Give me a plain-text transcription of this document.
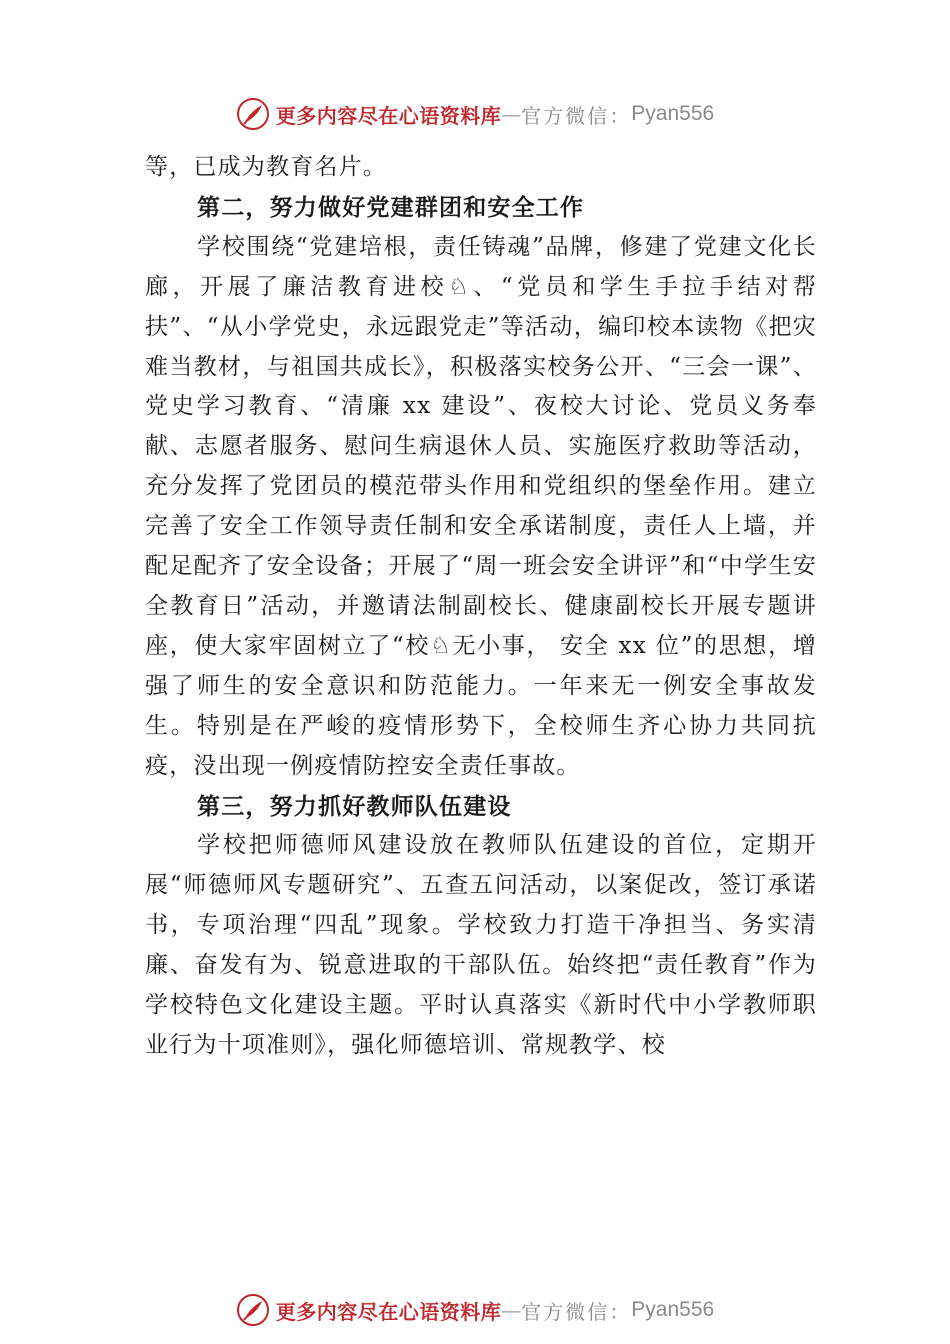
更多内容尽在心语资料库 — 官方微信： Pyan556

等，已成为教育名片。

第二，努力做好党建群团和安全工作

学校围绕“党建培根，责任铸魂”品牌，修建了党建文化长廊，开展了廉洁教育进校⁠♘、“党员和学生手拉手结对帮扶”、“从小学党史，永远跟党走”等活动，编印校本读物《把灾难当教材，与祖国共成长》，积极落实校务公开、“三会一课”、党史学习教育、“清廉 xx 建设”、夜校大讨论、党员义务奉献、志愿者服务、慰问生病退休人员、实施医疗救助等活动，充分发挥了党团员的模范带头作用和党组织的堡垒作用。建立完善了安全工作领导责任制和安全承诺制度，责任人上墙，并配足配齐了安全设备；开展了“周一班会安全讲评”和“中学生安全教育日”活动，并邀请法制副校长、健康副校长开展专题讲座，使大家牢固树立了“校♘无小事， 安全 xx 位”的思想，增强了师生的安全意识和防范能力。一年来无一例安全事故发生。特别是在严峻的疫情形势下，全校师生齐心协力共同抗疫，没出现一例疫情防控安全责任事故。

第三，努力抓好教师队伍建设

学校把师德师风建设放在教师队伍建设的首位，定期开展“师德师风专题研究”、五查五问活动，以案促改，签订承诺书，专项治理“四乱”现象。学校致力打造干净担当、务实清廉、奋发有为、锐意进取的干部队伍。始终把“责任教育”作为学校特色文化建设主题。平时认真落实《新时代中小学教师职业行为十项准则》，强化师德培训、常规教学、校

更多内容尽在心语资料库 — 官方微信： Pyan556
